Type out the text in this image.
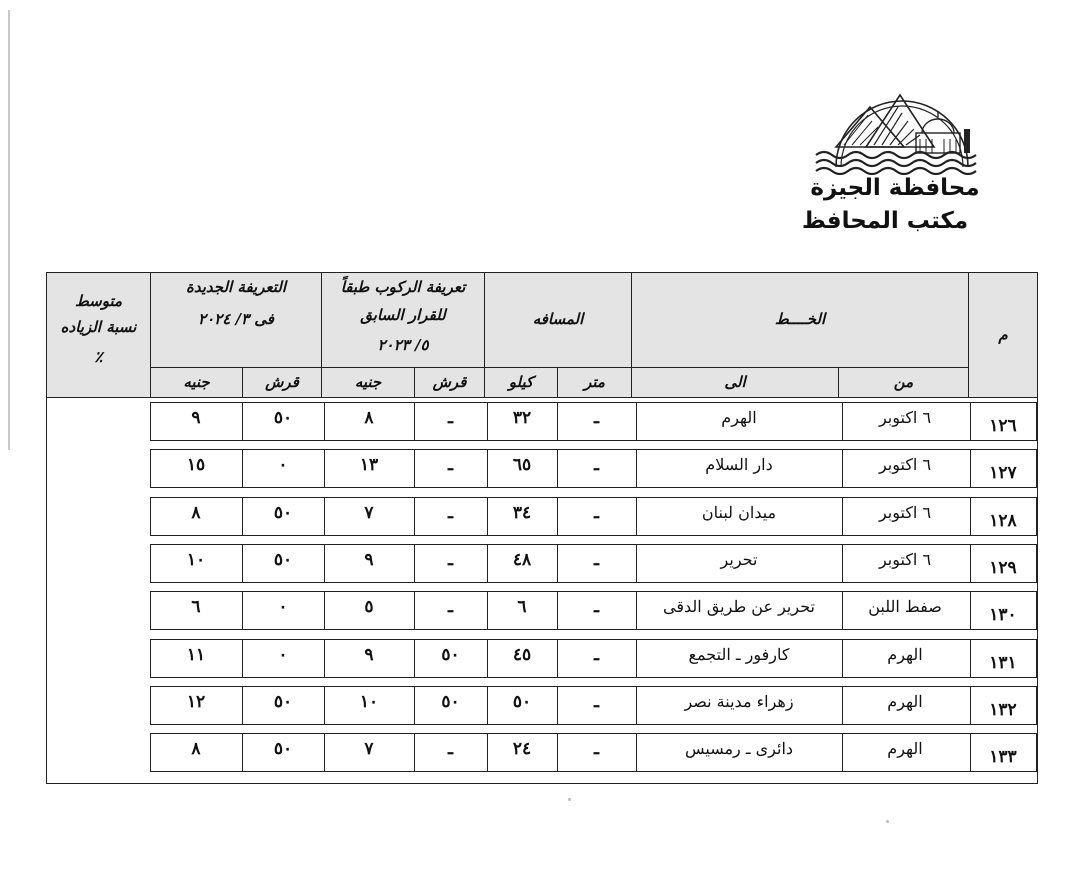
محافظة الجيزة
مكتب المحافظ
م
الخــــط
من
الى
المسافه
متر
كيلو
تعريفة الركوب طبقاً
للقرار السابق
٥/ ٢٠٢٣
قرش
جنيه
التعريفة الجديدة
فى ٣/ ٢٠٢٤
قرش
جنيه
متوسط
نسبة الزياده
٪
١٢٦
٦ اكتوبر
الهرم
ـ
٣٢
ـ
٨
٥٠
٩
١٢٧
٦ اكتوبر
دار السلام
ـ
٦٥
ـ
١٣
٠
١٥
١٢٨
٦ اكتوبر
ميدان لبنان
ـ
٣٤
ـ
٧
٥٠
٨
١٢٩
٦ اكتوبر
تحرير
ـ
٤٨
ـ
٩
٥٠
١٠
١٣٠
صفط اللبن
تحرير عن طريق الدقى
ـ
٦
ـ
٥
٠
٦
١٣١
الهرم
كارفور ـ التجمع
ـ
٤٥
٥٠
٩
٠
١١
١٣٢
الهرم
زهراء مدينة نصر
ـ
٥٠
٥٠
١٠
٥٠
١٢
١٣٣
الهرم
دائرى ـ رمسيس
ـ
٢٤
ـ
٧
٥٠
٨
